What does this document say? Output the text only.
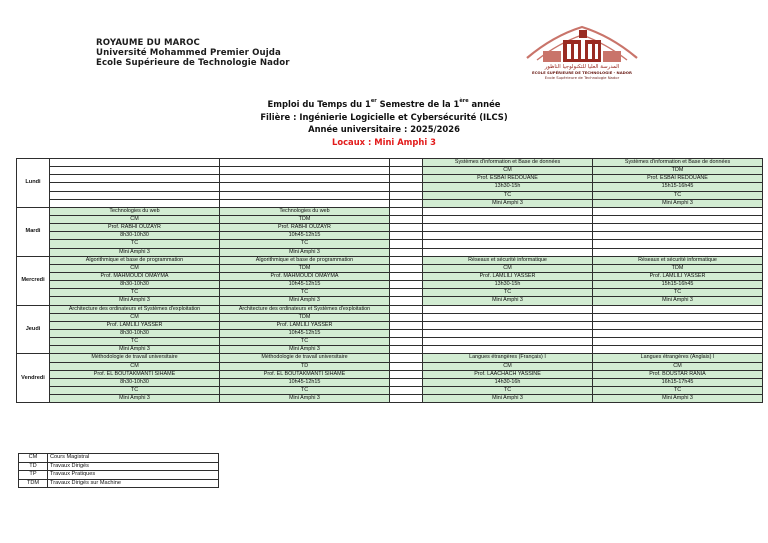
ROYAUME DU MAROC
Université Mohammed Premier Oujda
Ecole Supérieure de Technologie Nador	المدرسة العليا للتكنولوجيا الناظور
ECOLE SUPÉRIEURE DE TECHNOLOGIE - NADOR
Ecole Supérieure de Technologie Nador
Emploi du Temps du 1er Semestre de la 1ère année
Filière : Ingénierie Logicielle et Cybersécurité (ILCS)
Année universitaire : 2025/2026
Locaux : Mini Amphi 3
Lundi				Systèmes d'information et Base de données	Systèmes d'information et Base de données
				CM	TDM
				Prof. ESBAI REDOUANE	Prof. ESBAI REDOUANE
				13h30-15h	15h15-16h45
				TC	TC
				Mini Amphi 3	Mini Amphi 3
Mardi	Technologies du web	Technologies du web			
	CM	TDM			
	Prof. RABHI OUZAYR	Prof. RABHI OUZAYR			
	8h30-10h30	10h45-12h15			
	TC	TC			
	Mini Amphi 3	Mini Amphi 3			
Mercredi	Algorithmique et base de programmation	Algorithmique et base de programmation		Réseaux et sécurité informatique	Réseaux et sécurité informatique
	CM	TDM		CM	TDM
	Prof. MAHMOUDI OMAYMA	Prof. MAHMOUDI OMAYMA		Prof. LAMLILI YASSER	Prof. LAMLILI YASSER
	8h30-10h30	10h45-12h15		13h30-15h	15h15-16h45
	TC	TC		TC	TC
	Mini Amphi 3	Mini Amphi 3		Mini Amphi 3	Mini Amphi 3
Jeudi	Architecture des ordinateurs et Systèmes d'exploitation	Architecture des ordinateurs et Systèmes d'exploitation			
	CM	TDM			
	Prof. LAMLILI YASSER	Prof. LAMLILI YASSER			
	8h30-10h30	10h45-12h15			
	TC	TC			
	Mini Amphi 3	Mini Amphi 3			
Vendredi	Méthodologie de travail universitaire	Méthodologie de travail universitaire		Langues étrangères (Français) I	Langues étrangères (Anglais) I
	CM	TD		CM	CM
	Prof. EL BOUTAKMANTI SIHAME	Prof. EL BOUTAKMANTI SIHAME		Prof. LAACHACH YASSINE	Prof. BOUSTAR RANIA
	8h30-10h30	10h45-12h15		14h30-16h	16h15-17h45
	TC	TC		TC	TC
	Mini Amphi 3	Mini Amphi 3		Mini Amphi 3	Mini Amphi 3
CM	Cours Magistral
TD	Travaux Dirigés
TP	Travaux Pratiques
TDM	Travaux Dirigés sur Machine
